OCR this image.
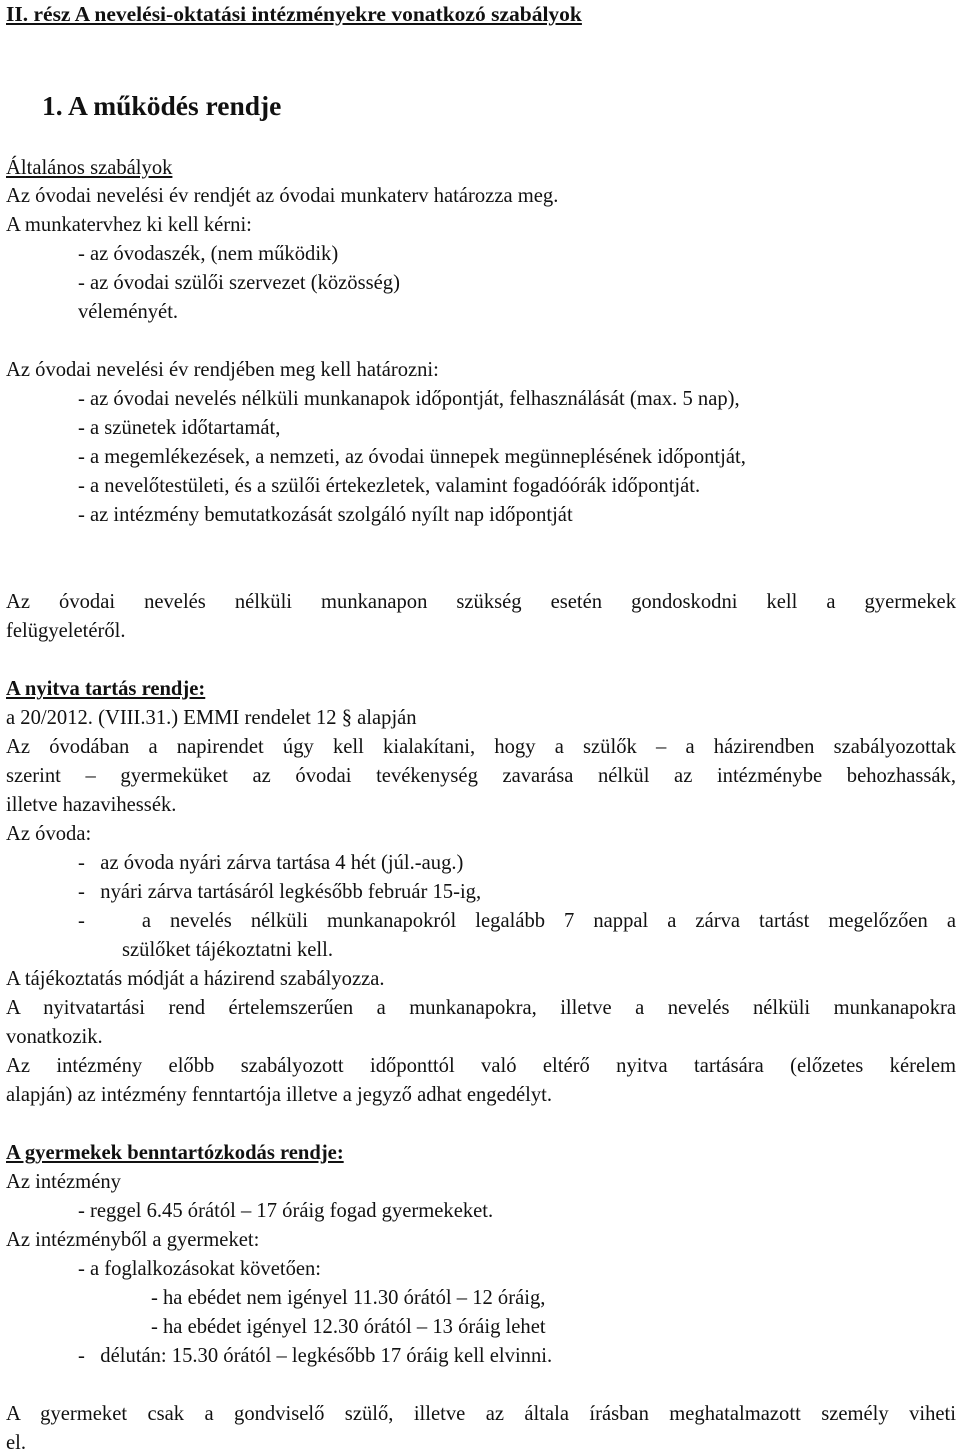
II. rész A nevelési-oktatási intézményekre vonatkozó szabályok
1. A működés rendje
Általános szabályok
Az óvodai nevelési év rendjét az óvodai munkaterv határozza meg.
A munkatervhez ki kell kérni:
- az óvodaszék, (nem működik)
- az óvodai szülői szervezet (közösség)
véleményét.
Az óvodai nevelési év rendjében meg kell határozni:
- az óvodai nevelés nélküli munkanapok időpontját, felhasználását (max. 5 nap),
- a szünetek időtartamát,
- a megemlékezések, a nemzeti, az óvodai ünnepek megünneplésének időpontját,
- a nevelőtestületi, és a szülői értekezletek, valamint fogadóórák időpontját.
- az intézmény bemutatkozását szolgáló nyílt nap időpontját
Az óvodai nevelés nélküli munkanapon szükség esetén gondoskodni kell a gyermekek
felügyeletéről.
A nyitva tartás rendje:
a 20/2012. (VIII.31.) EMMI rendelet 12 § alapján
Az óvodában a napirendet úgy kell kialakítani, hogy a szülők – a házirendben szabályozottak
szerint – gyermeküket az óvodai tevékenység zavarása nélkül az intézménybe behozhassák,
illetve hazavihessék.
Az óvoda:
-   az óvoda nyári zárva tartása 4 hét (júl.-aug.)
-   nyári zárva tartásáról legkésőbb február 15-ig,
-   a nevelés nélküli munkanapokról legalább 7 nappal a zárva tartást megelőzően a
szülőket tájékoztatni kell.
A tájékoztatás módját a házirend szabályozza.
A nyitvatartási rend értelemszerűen a munkanapokra, illetve a nevelés nélküli munkanapokra
vonatkozik.
Az intézmény előbb szabályozott időponttól való eltérő nyitva tartására (előzetes kérelem
alapján) az intézmény fenntartója illetve a jegyző adhat engedélyt.
A gyermekek benntartózkodás rendje:
Az intézmény
- reggel 6.45 órától – 17 óráig fogad gyermekeket.
Az intézményből a gyermeket:
- a foglalkozásokat követően:
- ha ebédet nem igényel 11.30 órától – 12 óráig,
- ha ebédet igényel 12.30 órától – 13 óráig lehet
-   délután: 15.30 órától – legkésőbb 17 óráig kell elvinni.
A gyermeket csak a gondviselő szülő, illetve az általa írásban meghatalmazott személy viheti
el.
